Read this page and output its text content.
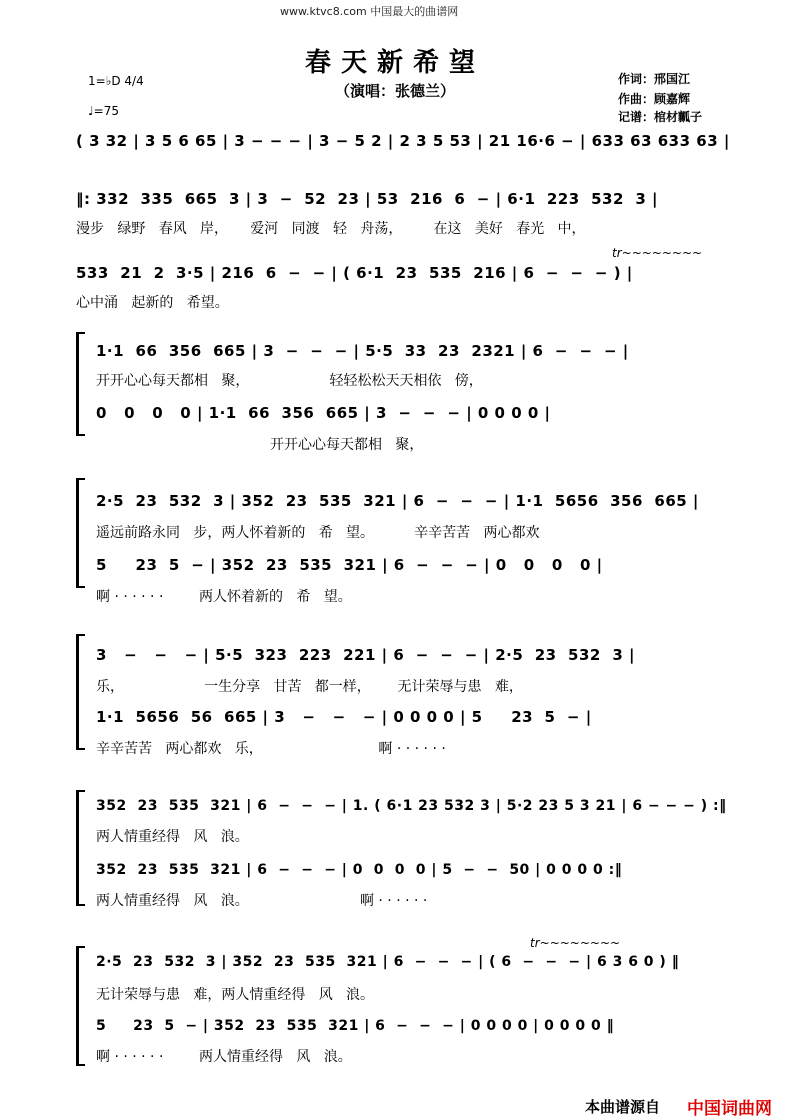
www.ktvc8.com 中国最大的曲谱网
春天新希望
（演唱：张德兰）
作词：邢国江
作曲：顾嘉辉
记谱：棺材瓤子
1=♭D 4/4
♩=75
( 3 32 | 3 5 6 65 | 3 − − − | 3 − 5 2 | 2 3 5 53 | 21 16·6 − | 633 63 633 63 |
‖: 332  335  665  3 | 3  −  52  23 | 53  216  6  − | 6·1  223  532  3 |
漫步   绿野   春风   岸，     爱河   同渡   轻   舟荡，       在这   美好   春光   中，
533  21  2  3·5 | 216  6  −  − | ( 6·1  23  535  216 | 6  −  −  − ) |
心中涌   起新的   希望。
tr~~~~~~~~
1·1  66  356  665 | 3  −  −  − | 5·5  33  23  2321 | 6  −  −  − |
开开心心每天都相   聚，                  轻轻松松天天相依   傍，
0   0   0   0 | 1·1  66  356  665 | 3  −  −  − | 0 0 0 0 |
开开心心每天都相   聚，
2·5  23  532  3 | 352  23  535  321 | 6  −  −  − | 1·1  5656  356  665 |
遥远前路永同   步，两人怀着新的   希   望。         辛辛苦苦   两心都欢
5     23  5  − | 352  23  535  321 | 6  −  −  − | 0   0   0   0 |
啊 · · · · · ·        两人怀着新的   希   望。
3   −   −   − | 5·5  323  223  221 | 6  −  −  − | 2·5  23  532  3 |
乐，                  一生分享   甘苦   都一样，      无计荣辱与患   难，
1·1  5656  56  665 | 3   −   −   − | 0 0 0 0 | 5     23  5  − |
辛辛苦苦   两心都欢   乐，                          啊 · · · · · ·
352  23  535  321 | 6  −  −  − | 1. ( 6·1 23 532 3 | 5·2 23 5 3 21 | 6 − − − ) :‖
两人情重经得   风   浪。
352  23  535  321 | 6  −  −  − | 0  0  0  0 | 5  −  −  50 | 0 0 0 0 :‖
两人情重经得   风   浪。                         啊 · · · · · ·
2·5  23  532  3 | 352  23  535  321 | 6  −  −  − | ( 6  −  −  − | 6 3 6 0 ) ‖
无计荣辱与患   难，两人情重经得   风   浪。
tr~~~~~~~~
5     23  5  − | 352  23  535  321 | 6  −  −  − | 0 0 0 0 | 0 0 0 0 ‖
啊 · · · · · ·        两人情重经得   风   浪。
本曲谱源自 中国词曲网
